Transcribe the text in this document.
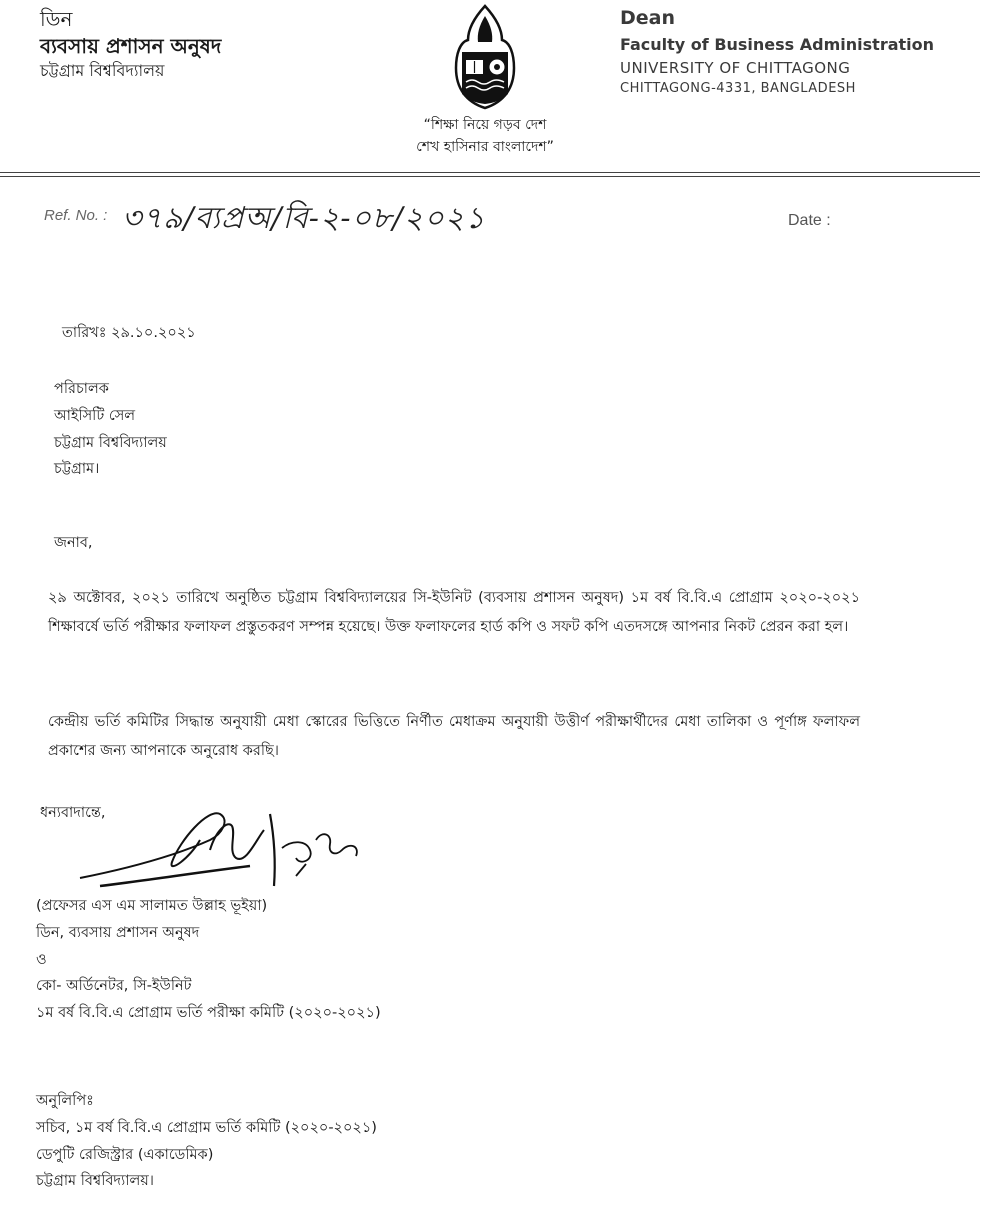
ডিন
ব্যবসায় প্রশাসন অনুষদ
চট্টগ্রাম বিশ্ববিদ্যালয়
Dean
Faculty of Business Administration
UNIVERSITY OF CHITTAGONG
CHITTAGONG-4331, BANGLADESH
“শিক্ষা নিয়ে গড়ব দেশ
শেখ হাসিনার বাংলাদেশ”
Ref. No. : ৩৭৯/ব্যপ্রঅ/বি-২-০৮/২০২১	Date :
তারিখঃ ২৯.১০.২০২১
পরিচালক
আইসিটি সেল
চট্টগ্রাম বিশ্ববিদ্যালয়
চট্টগ্রাম।
জনাব,
২৯ অক্টোবর, ২০২১ তারিখে অনুষ্ঠিত চট্টগ্রাম বিশ্ববিদ্যালয়ের সি-ইউনিট (ব্যবসায় প্রশাসন অনুষদ) ১ম বর্ষ বি.বি.এ প্রোগ্রাম ২০২০-২০২১ শিক্ষাবর্ষে ভর্তি পরীক্ষার ফলাফল প্রস্তুতকরণ সম্পন্ন হয়েছে। উক্ত ফলাফলের হার্ড কপি ও সফট কপি এতদসঙ্গে আপনার নিকট প্রেরন করা হল।
কেন্দ্রীয় ভর্তি কমিটির সিদ্ধান্ত অনুযায়ী মেধা স্কোরের ভিত্তিতে নির্ণীত মেধাক্রম অনুযায়ী উত্তীর্ণ পরীক্ষার্থীদের মেধা তালিকা ও পূর্ণাঙ্গ ফলাফল প্রকাশের জন্য আপনাকে অনুরোধ করছি।
ধন্যবাদান্তে,
(প্রফেসর এস এম সালামত উল্লাহ ভূইয়া)
ডিন, ব্যবসায় প্রশাসন অনুষদ
ও
কো- অর্ডিনেটর, সি-ইউনিট
১ম বর্ষ বি.বি.এ প্রোগ্রাম ভর্তি পরীক্ষা কমিটি (২০২০-২০২১)
অনুলিপিঃ
সচিব, ১ম বর্ষ বি.বি.এ প্রোগ্রাম ভর্তি কমিটি (২০২০-২০২১)
ডেপুটি রেজিস্ট্রার (একাডেমিক)
চট্টগ্রাম বিশ্ববিদ্যালয়।
